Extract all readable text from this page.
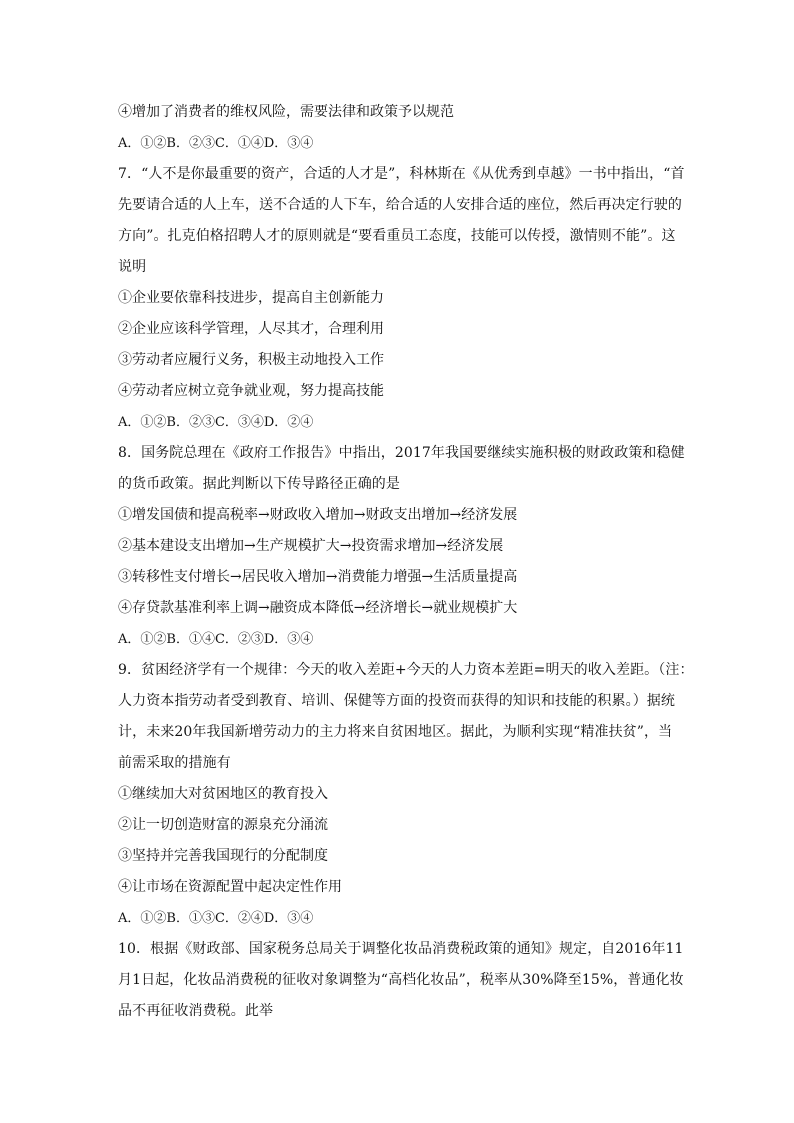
④增加了消费者的维权风险，需要法律和政策予以规范
A．①②B．②③C．①④D．③④
7．“人不是你最重要的资产，合适的人才是”，科林斯在《从优秀到卓越》一书中指出，“首
先要请合适的人上车，送不合适的人下车，给合适的人安排合适的座位，然后再决定行驶的
方向”。扎克伯格招聘人才的原则就是“要看重员工态度，技能可以传授，激情则不能”。这
说明
①企业要依靠科技进步，提高自主创新能力
②企业应该科学管理，人尽其才，合理利用
③劳动者应履行义务，积极主动地投入工作
④劳动者应树立竞争就业观，努力提高技能
A．①②B．②③C．③④D．②④
8．国务院总理在《政府工作报告》中指出，2017年我国要继续实施积极的财政政策和稳健
的货币政策。据此判断以下传导路径正确的是
①增发国债和提高税率→财政收入增加→财政支出增加→经济发展
②基本建设支出增加→生产规模扩大→投资需求增加→经济发展
③转移性支付增长→居民收入增加→消费能力增强→生活质量提高
④存贷款基准利率上调→融资成本降低→经济增长→就业规模扩大
A．①②B．①④C．②③D．③④
9．贫困经济学有一个规律：今天的收入差距+今天的人力资本差距=明天的收入差距。（注：
人力资本指劳动者受到教育、培训、保健等方面的投资而获得的知识和技能的积累。）据统
计，未来20年我国新增劳动力的主力将来自贫困地区。据此，为顺利实现“精准扶贫”，当
前需采取的措施有
①继续加大对贫困地区的教育投入
②让一切创造财富的源泉充分涌流
③坚持并完善我国现行的分配制度
④让市场在资源配置中起决定性作用
A．①②B．①③C．②④D．③④
10．根据《财政部、国家税务总局关于调整化妆品消费税政策的通知》规定，自2016年11
月1日起，化妆品消费税的征收对象调整为“高档化妆品”，税率从30%降至15%，普通化妆
品不再征收消费税。此举
